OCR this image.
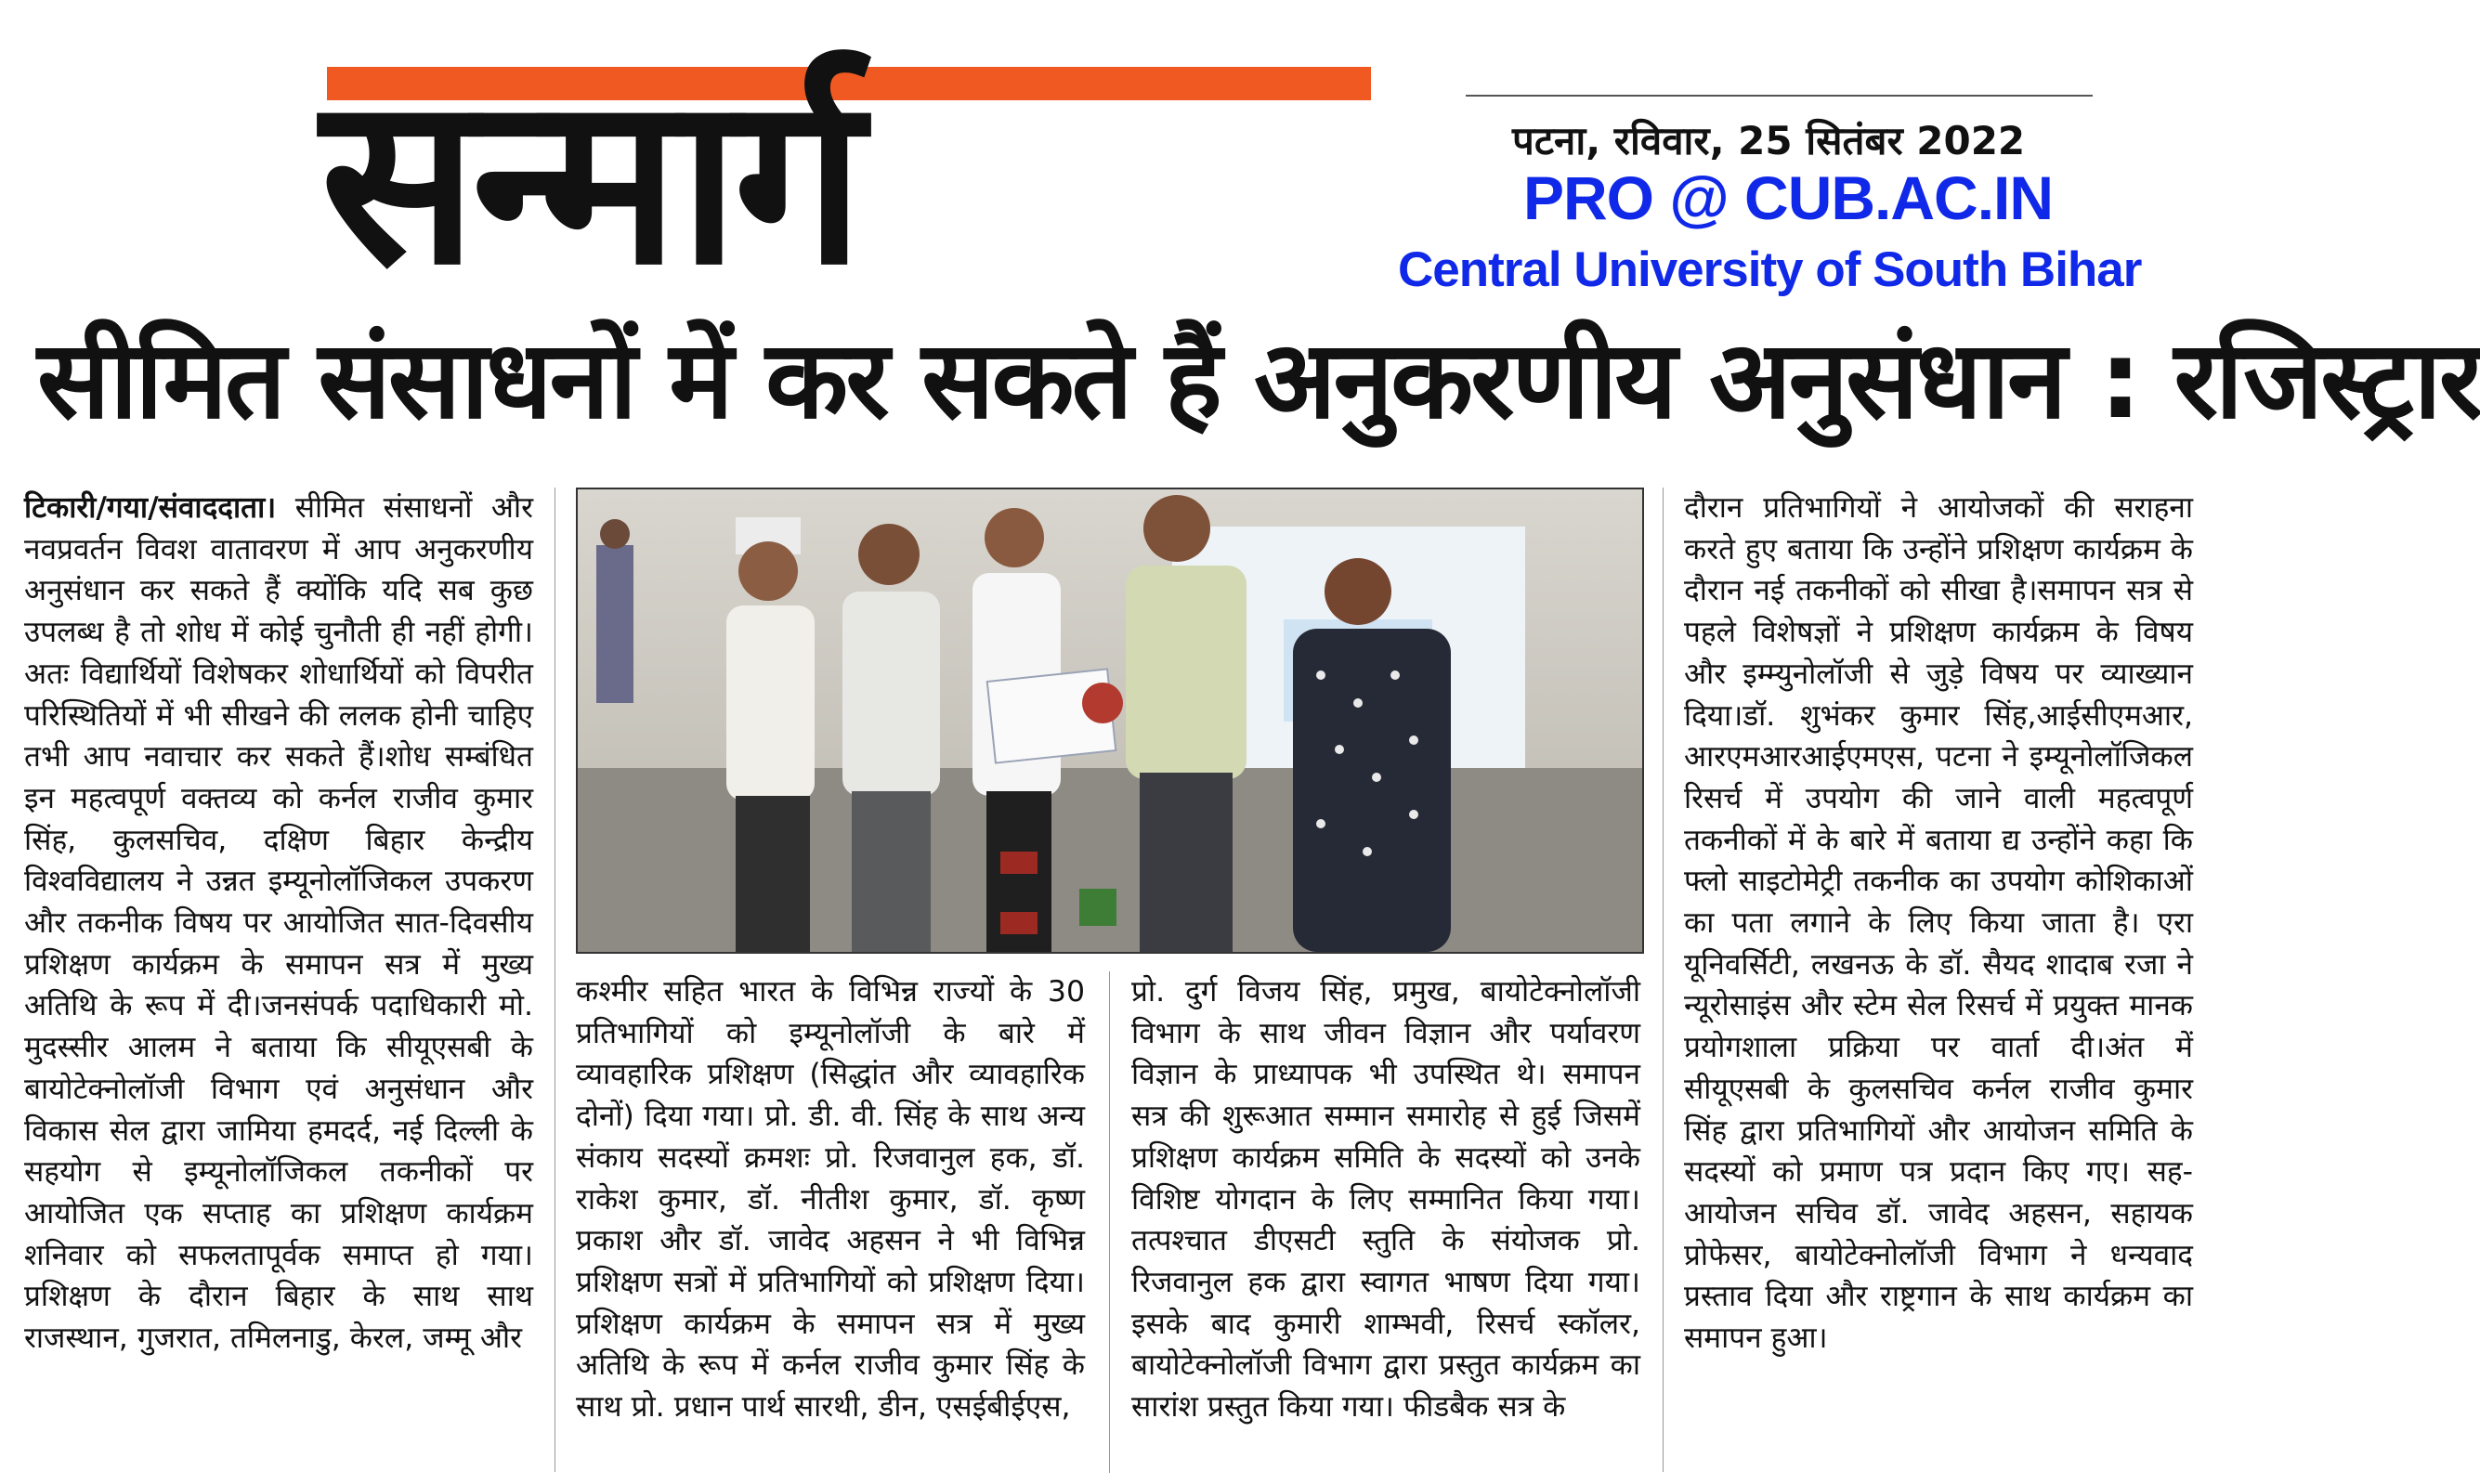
सन्मार्ग	पटना, रविवार, 25 सितंबर 2022
PRO @ CUB.AC.IN
Central University of South Bihar
सीमित संसाधनों में कर सकते हैं अनुकरणीय अनुसंधान : रजिस्ट्रार

टिकारी/गया/संवाददाता। सीमित संसाधनों और नवप्रवर्तन विवश वातावरण में आप अनुकरणीय अनुसंधान कर सकते हैं क्योंकि यदि सब कुछ उपलब्ध है तो शोध में कोई चुनौती ही नहीं होगी। अतः विद्यार्थियों विशेषकर शोधार्थियों को विपरीत परिस्थितियों में भी सीखने की ललक होनी चाहिए तभी आप नवाचार कर सकते हैं।शोध सम्बंधित इन महत्वपूर्ण वक्तव्य को कर्नल राजीव कुमार सिंह, कुलसचिव, दक्षिण बिहार केन्द्रीय विश्वविद्यालय ने उन्नत इम्यूनोलॉजिकल उपकरण और तकनीक विषय पर आयोजित सात-दिवसीय प्रशिक्षण कार्यक्रम के समापन सत्र में मुख्य अतिथि के रूप में दी।जनसंपर्क पदाधिकारी मो. मुदस्सीर आलम ने बताया कि सीयूएसबी के बायोटेक्नोलॉजी विभाग एवं अनुसंधान और विकास सेल द्वारा जामिया हमदर्द, नई दिल्ली के सहयोग से इम्यूनोलॉजिकल तकनीकों पर आयोजित एक सप्ताह का प्रशिक्षण कार्यक्रम शनिवार को सफलतापूर्वक समाप्त हो गया।प्रशिक्षण के दौरान बिहार के साथ साथ राजस्थान, गुजरात, तमिलनाडु, केरल, जम्मू और

कश्मीर सहित भारत के विभिन्न राज्यों के 30 प्रतिभागियों को इम्यूनोलॉजी के बारे में व्यावहारिक प्रशिक्षण (सिद्धांत और व्यावहारिक दोनों) दिया गया। प्रो. डी. वी. सिंह के साथ अन्य संकाय सदस्यों क्रमशः प्रो. रिजवानुल हक, डॉ. राकेश कुमार, डॉ. नीतीश कुमार, डॉ. कृष्ण प्रकाश और डॉ. जावेद अहसन ने भी विभिन्न प्रशिक्षण सत्रों में प्रतिभागियों को प्रशिक्षण दिया।प्रशिक्षण कार्यक्रम के समापन सत्र में मुख्य अतिथि के रूप में कर्नल राजीव कुमार सिंह के साथ प्रो. प्रधान पार्थ सारथी, डीन, एसईबीईएस,

प्रो. दुर्ग विजय सिंह, प्रमुख, बायोटेक्नोलॉजी विभाग के साथ जीवन विज्ञान और पर्यावरण विज्ञान के प्राध्यापक भी उपस्थित थे। समापन सत्र की शुरूआत सम्मान समारोह से हुई जिसमें प्रशिक्षण कार्यक्रम समिति के सदस्यों को उनके विशिष्ट योगदान के लिए सम्मानित किया गया। तत्पश्चात डीएसटी स्तुति के संयोजक प्रो. रिजवानुल हक द्वारा स्वागत भाषण दिया गया।इसके बाद कुमारी शाम्भवी, रिसर्च स्कॉलर, बायोटेक्नोलॉजी विभाग द्वारा प्रस्तुत कार्यक्रम का सारांश प्रस्तुत किया गया। फीडबैक सत्र के

दौरान प्रतिभागियों ने आयोजकों की सराहना करते हुए बताया कि उन्होंने प्रशिक्षण कार्यक्रम के दौरान नई तकनीकों को सीखा है।समापन सत्र से पहले विशेषज्ञों ने प्रशिक्षण कार्यक्रम के विषय और इम्म्युनोलॉजी से जुड़े विषय पर व्याख्यान दिया।डॉ. शुभंकर कुमार सिंह,आईसीएमआर, आरएमआरआईएमएस, पटना ने इम्यूनोलॉजिकल रिसर्च में उपयोग की जाने वाली महत्वपूर्ण तकनीकों में के बारे में बताया द्य उन्होंने कहा कि फ्लो साइटोमेट्री तकनीक का उपयोग कोशिकाओं का पता लगाने के लिए किया जाता है। एरा यूनिवर्सिटी, लखनऊ के डॉ. सैयद शादाब रजा ने न्यूरोसाइंस और स्टेम सेल रिसर्च में प्रयुक्त मानक प्रयोगशाला प्रक्रिया पर वार्ता दी।अंत में सीयूएसबी के कुलसचिव कर्नल राजीव कुमार सिंह द्वारा प्रतिभागियों और आयोजन समिति के सदस्यों को प्रमाण पत्र प्रदान किए गए। सह-आयोजन सचिव डॉ. जावेद अहसन, सहायक प्रोफेसर, बायोटेक्नोलॉजी विभाग ने धन्यवाद प्रस्ताव दिया और राष्ट्रगान के साथ कार्यक्रम का समापन हुआ।
